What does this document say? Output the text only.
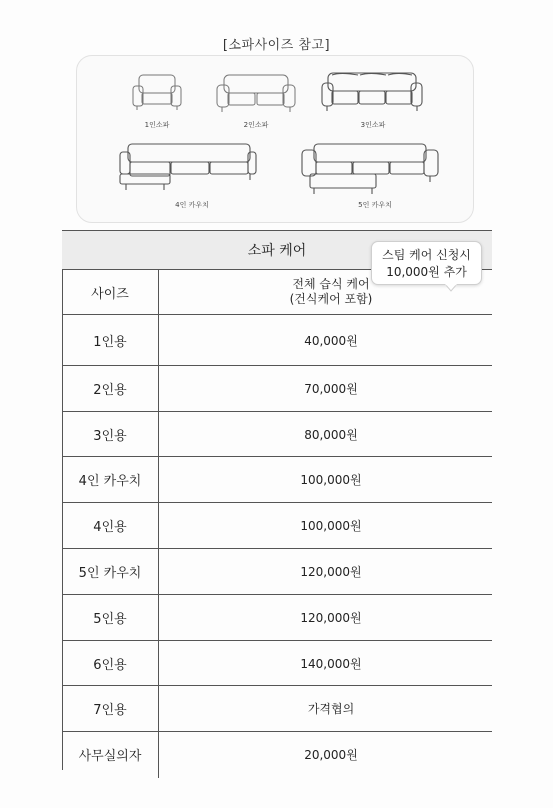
[소파사이즈 참고]
1인소파	2인소파	3인소파
4인 카우치	5인 카우치
소파 케어	
사이즈	전체 습식 케어
(건식케어 포함)

1인용	40,000원
2인용	70,000원
3인용	80,000원
4인 카우치	100,000원
4인용	100,000원
5인 카우치	120,000원
5인용	120,000원
6인용	140,000원
7인용	가격협의
사무실의자	20,000원
스팀 케어 신청시
10,000원 추가
